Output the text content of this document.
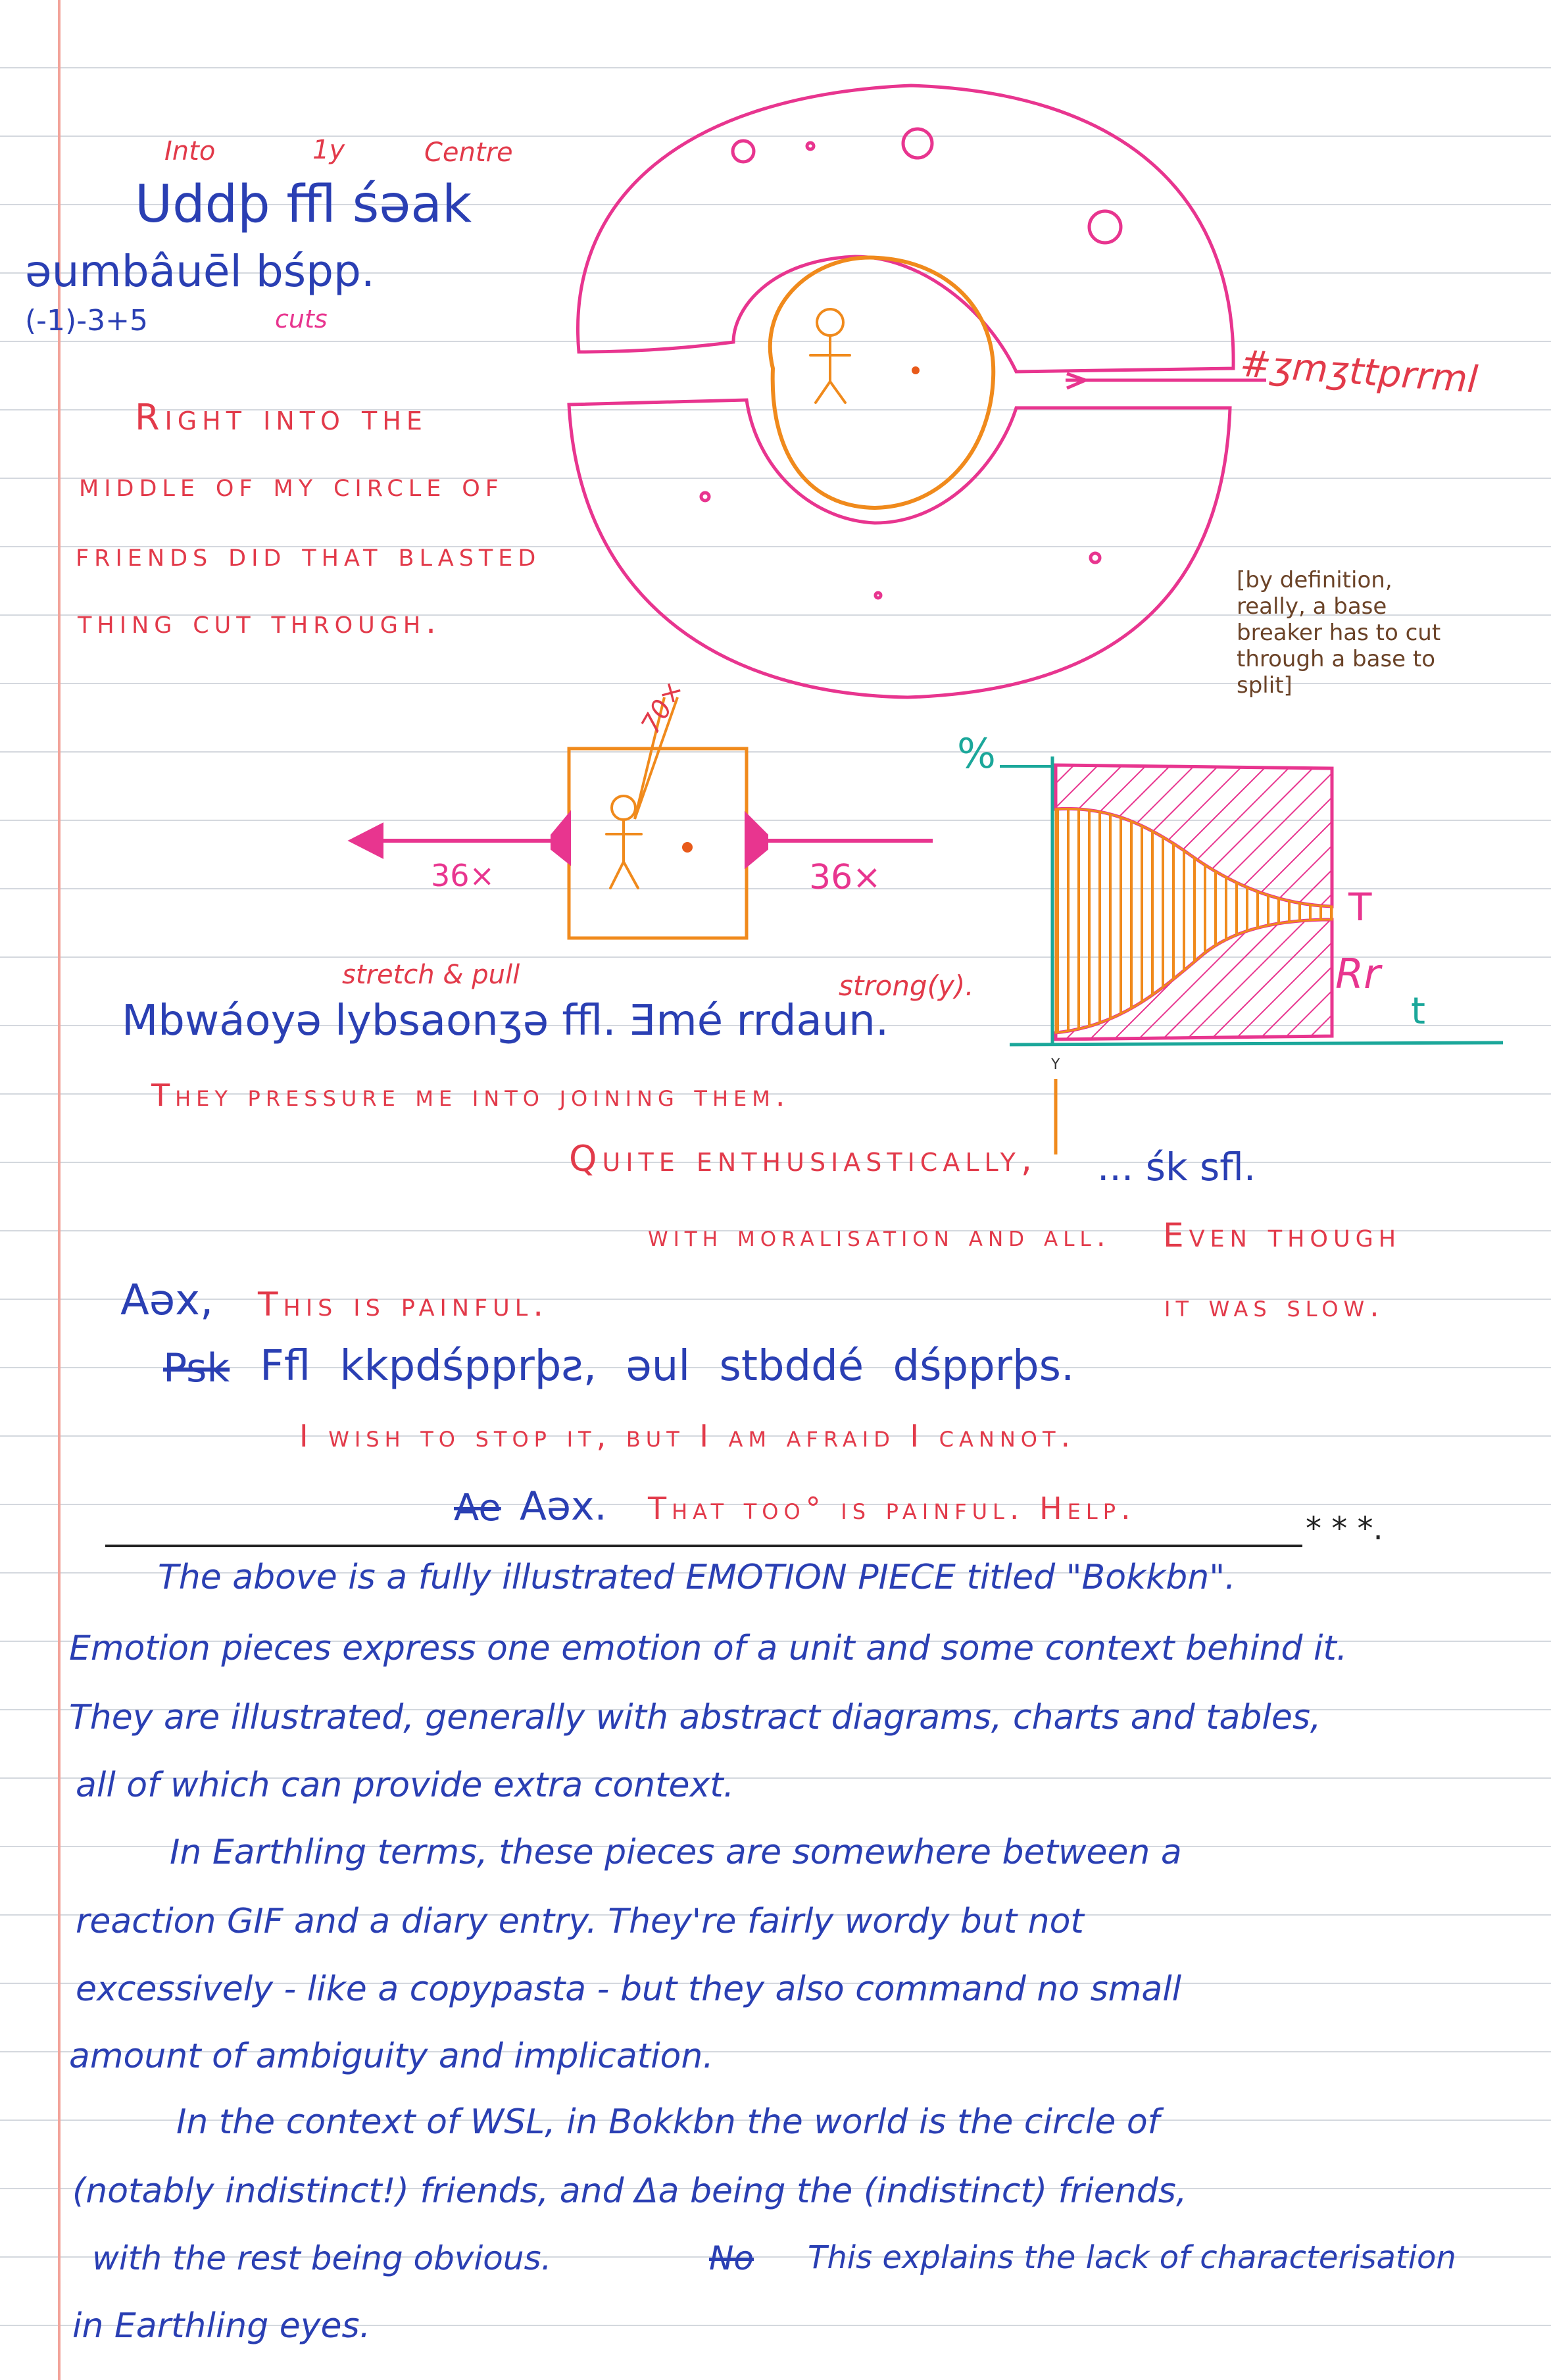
Into	1y	Centre
Uddþ ffl śəak
əumbâuēl bśpp.
(-1)-3+5	cuts
Right into the
middle of my circle of
friends did that blasted
thing cut through.
#ʒmʒttprrml
[by definition, really, a base breaker has to cut through a base to split]
70×
36×	36×
stretch & pull	strong(y).
%
t
T
Rr
Y
Mbwáoyə lybsaonʒə ffl. Ǝmé rrdaun.
They pressure me into joining them.
Quite enthusiastically, ... śk sfl.
with moralisation and all. Even though
Aəx, This is painful.	it was slow.
Psk Ffl kkpdśpprþƨ, əul stbddé dśpprþs.
I wish to stop it, but I am afraid I cannot.
Ae Aəx. That too° is painful. Help.
* * *.
The above is a fully illustrated EMOTION PIECE titled "Bokkbn".
Emotion pieces express one emotion of a unit and some context behind it.
They are illustrated, generally with abstract diagrams, charts and tables,
all of which can provide extra context.
In Earthling terms, these pieces are somewhere between a
reaction GIF and a diary entry. They're fairly wordy but not
excessively - like a copypasta - but they also command no small
amount of ambiguity and implication.
In the context of WSL, in Bokkbn the world is the circle of
(notably indistinct!) friends, and Δa being the (indistinct) friends,
with the rest being obvious.	No This explains the lack of characterisation
in Earthling eyes.
